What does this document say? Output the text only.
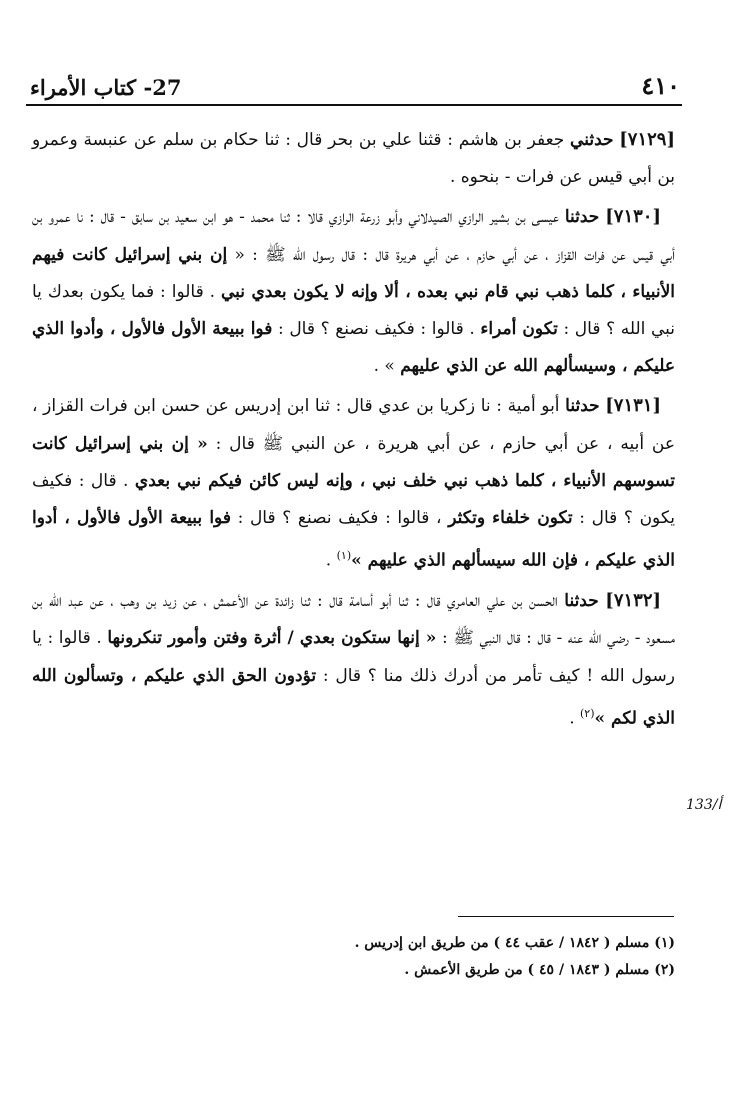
٤١٠
27- كتاب الأمراء
133/أ

[٧١٢٩] حدثني جعفر بن هاشم : قثنا علي بن بحر قال : ثنا حكام بن سلم عن عنبسة وعمرو بن أبي قيس عن فرات - بنحوه .

[٧١٣٠] حدثنا عيسى بن بشير الرازي الصيدلاني وأبو زرعة الرازي قالا : ثنا محمد - هو ابن سعيد بن سابق - قال : نا عمرو بن أبي قيس عن فرات القزاز ، عن أبي حازم ، عن أبي هريرة قال : قال رسول الله ﷺ : « إن بني إسرائيل كانت فيهم الأنبياء ، كلما ذهب نبي قام نبي بعده ، ألا وإنه لا يكون بعدي نبي . قالوا : فما يكون بعدك يا نبي الله ؟ قال : تكون أمراء . قالوا : فكيف نصنع ؟ قال : فوا ببيعة الأول فالأول ، وأدوا الذي عليكم ، وسيسألهم الله عن الذي عليهم » .

[٧١٣١] حدثنا أبو أمية : نا زكريا بن عدي قال : ثنا ابن إدريس عن حسن ابن فرات القزاز ، عن أبيه ، عن أبي حازم ، عن أبي هريرة ، عن النبي ﷺ قال : « إن بني إسرائيل كانت تسوسهم الأنبياء ، كلما ذهب نبي خلف نبي ، وإنه ليس كائن فيكم نبي بعدي . قال : فكيف يكون ؟ قال : تكون خلفاء وتكثر ، قالوا : فكيف نصنع ؟ قال : فوا ببيعة الأول فالأول ، أدوا الذي عليكم ، فإن الله سيسألهم الذي عليهم »$^{(١)}$ .

[٧١٣٢] حدثنا الحسن بن علي العامري قال : ثنا أبو أسامة قال : ثنا زائدة عن الأعمش ، عن زيد بن وهب ، عن عبد الله بن مسعود - رضي الله عنه - قال : قال النبي ﷺ : « إنها ستكون بعدي / أثرة وفتن وأمور تنكرونها . قالوا : يا رسول الله ! كيف تأمر من أدرك ذلك منا ؟ قال : تؤدون الحق الذي عليكم ، وتسألون الله الذي لكم »$^{(٢)}$ .

(١) مسلم ( ١٨٤٢ / عقب ٤٤ ) من طريق ابن إدريس .
(٢) مسلم ( ١٨٤٣ / ٤٥ ) من طريق الأعمش .
